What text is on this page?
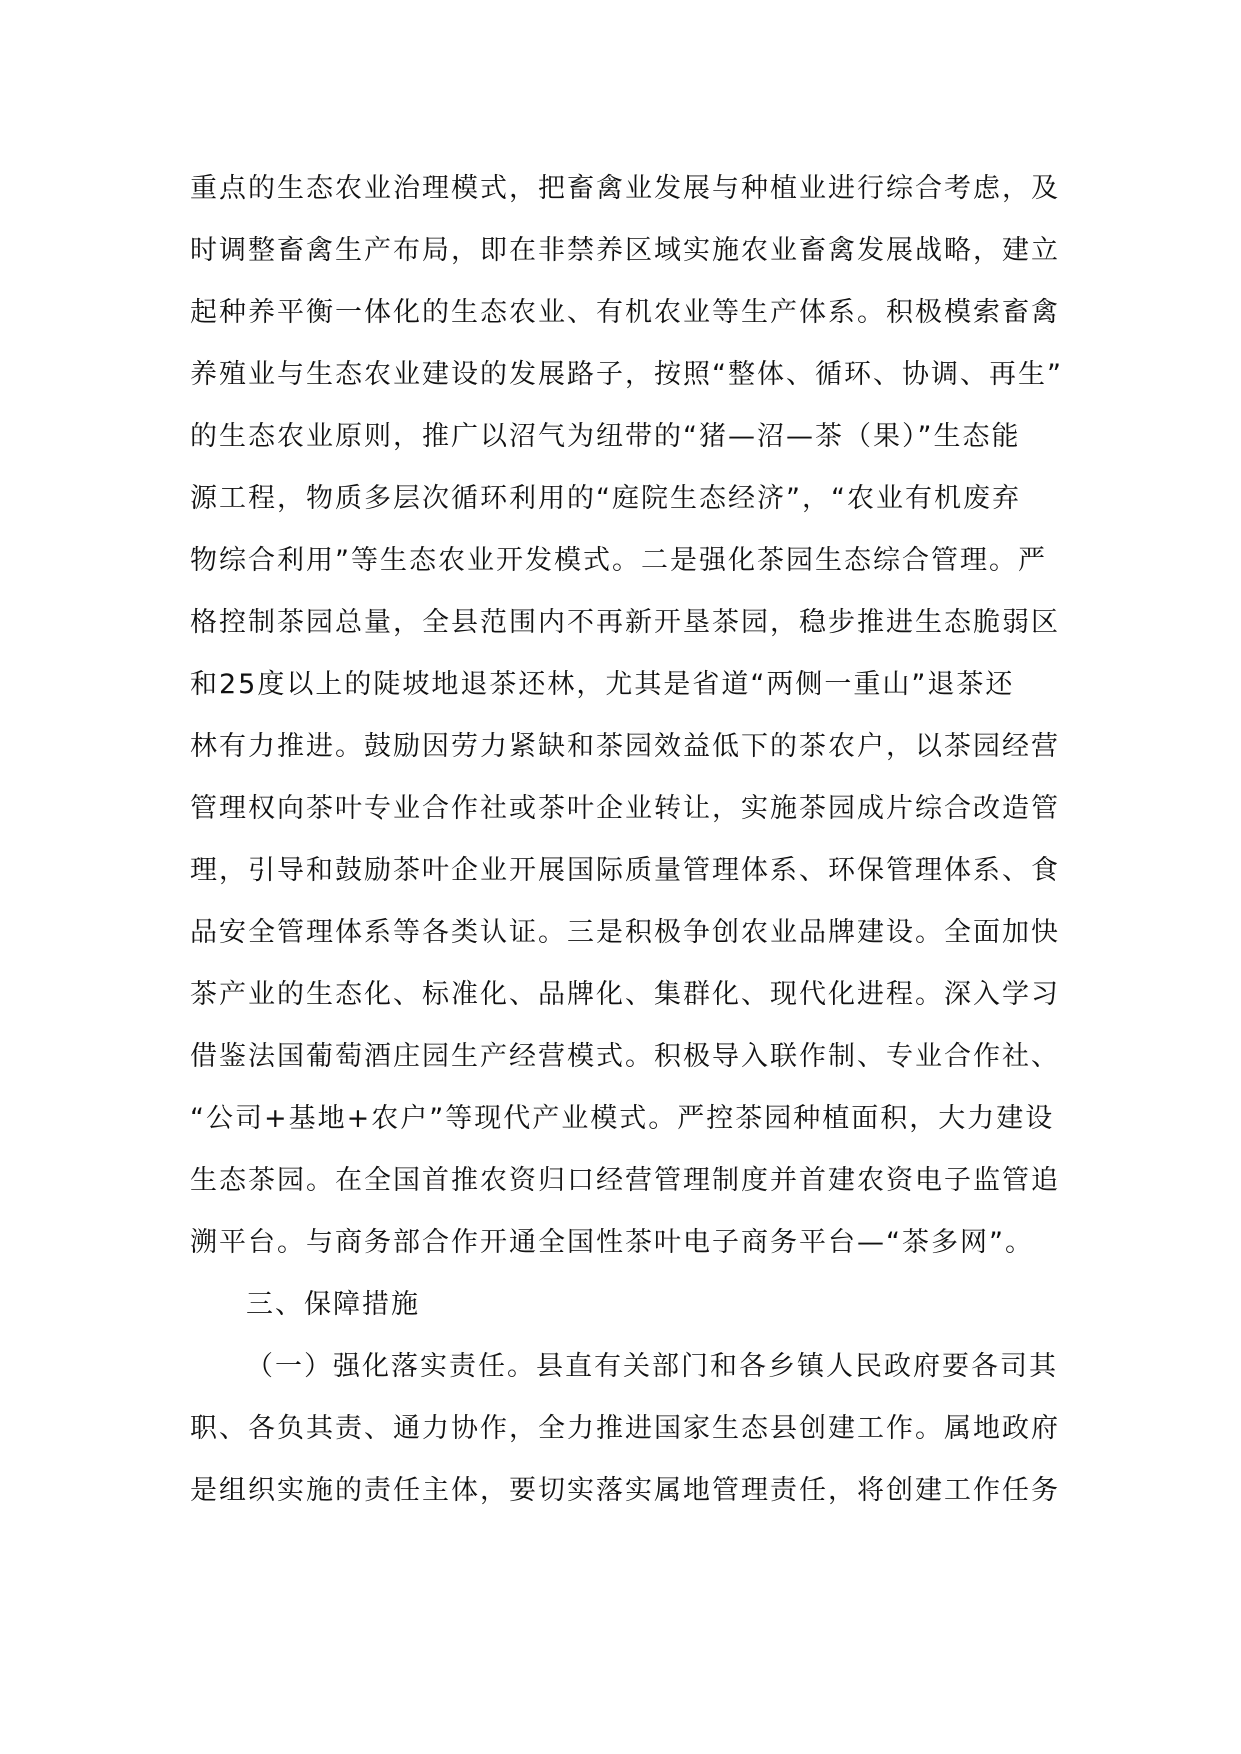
重点的生态农业治理模式，把畜禽业发展与种植业进行综合考虑，及
时调整畜禽生产布局，即在非禁养区域实施农业畜禽发展战略，建立
起种养平衡一体化的生态农业、有机农业等生产体系。积极模索畜禽
养殖业与生态农业建设的发展路子，按照“整体、循环、协调、再生”
的生态农业原则，推广以沼气为纽带的“猪—沼—茶（果）”生态能
源工程，物质多层次循环利用的“庭院生态经济”，“农业有机废弃
物综合利用”等生态农业开发模式。二是强化茶园生态综合管理。严
格控制茶园总量，全县范围内不再新开垦茶园，稳步推进生态脆弱区
和25度以上的陡坡地退茶还林，尤其是省道“两侧一重山”退茶还
林有力推进。鼓励因劳力紧缺和茶园效益低下的茶农户，以茶园经营
管理权向茶叶专业合作社或茶叶企业转让，实施茶园成片综合改造管
理，引导和鼓励茶叶企业开展国际质量管理体系、环保管理体系、食
品安全管理体系等各类认证。三是积极争创农业品牌建设。全面加快
茶产业的生态化、标准化、品牌化、集群化、现代化进程。深入学习
借鉴法国葡萄酒庄园生产经营模式。积极导入联作制、专业合作社、
“公司+基地+农户”等现代产业模式。严控茶园种植面积，大力建设
生态茶园。在全国首推农资归口经营管理制度并首建农资电子监管追
溯平台。与商务部合作开通全国性茶叶电子商务平台—“茶多网”。
三、保障措施
（一）强化落实责任。县直有关部门和各乡镇人民政府要各司其
职、各负其责、通力协作，全力推进国家生态县创建工作。属地政府
是组织实施的责任主体，要切实落实属地管理责任，将创建工作任务
